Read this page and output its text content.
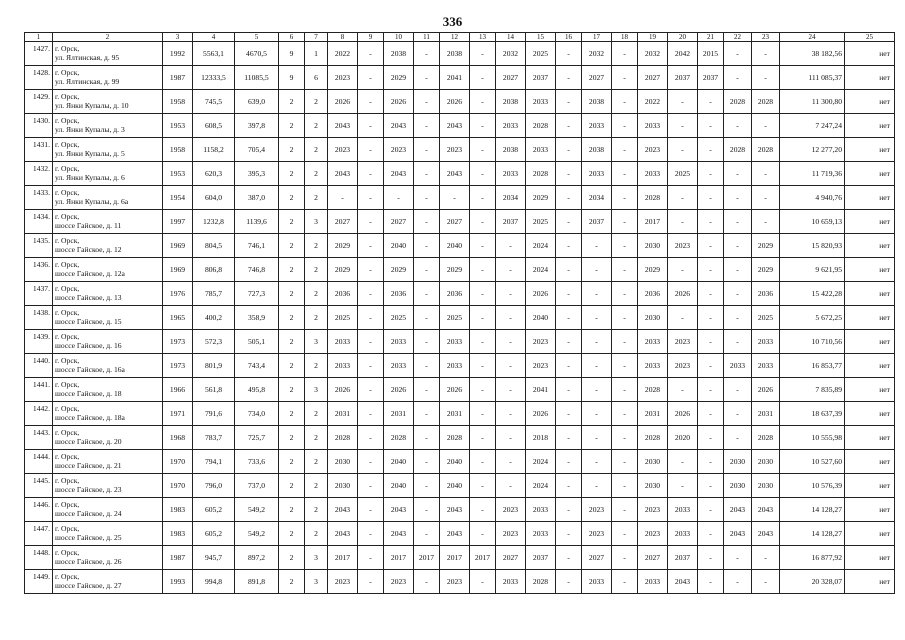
336
1	2	3	4	5	6	7	8	9	10	11	12	13	14	15	16	17	18	19	20	21	22	23	24	25
1427.	г. Орск,
ул. Ялтинская, д. 95	1992	5563,1	4670,5	9	1	2022	-	2038	-	2038	-	2032	2025	-	2032	-	2032	2042	2015	-	-	38 182,56	нет
1428.	г. Орск,
ул. Ялтинская, д. 99	1987	12333,5	11085,5	9	6	2023	-	2029	-	2041	-	2027	2037	-	2027	-	2027	2037	2037	-	-	111 085,37	нет
1429.	г. Орск,
ул. Янки Купалы, д. 10	1958	745,5	639,0	2	2	2026	-	2026	-	2026	-	2038	2033	-	2038	-	2022	-	-	2028	2028	11 300,80	нет
1430.	г. Орск,
ул. Янки Купалы, д. 3	1953	608,5	397,8	2	2	2043	-	2043	-	2043	-	2033	2028	-	2033	-	2033	-	-	-	-	7 247,24	нет
1431.	г. Орск,
ул. Янки Купалы, д. 5	1958	1158,2	705,4	2	2	2023	-	2023	-	2023	-	2038	2033	-	2038	-	2023	-	-	2028	2028	12 277,20	нет
1432.	г. Орск,
ул. Янки Купалы, д. 6	1953	620,3	395,3	2	2	2043	-	2043	-	2043	-	2033	2028	-	2033	-	2033	2025	-	-	-	11 719,36	нет
1433.	г. Орск,
ул. Янки Купалы, д. 6а	1954	604,0	387,0	2	2	-	-	-	-	-	-	2034	2029	-	2034	-	2028	-	-	-	-	4 940,76	нет
1434.	г. Орск,
шоссе Гайское, д. 11	1997	1232,8	1139,6	2	3	2027	-	2027	-	2027	-	2037	2025	-	2037	-	2017	-	-	-	-	10 659,13	нет
1435.	г. Орск,
шоссе Гайское, д. 12	1969	804,5	746,1	2	2	2029	-	2040	-	2040	-	-	2024	-	-	-	2030	2023	-	-	2029	15 820,93	нет
1436.	г. Орск,
шоссе Гайское, д. 12а	1969	806,8	746,8	2	2	2029	-	2029	-	2029	-	-	2024	-	-	-	2029	-	-	-	2029	9 621,95	нет
1437.	г. Орск,
шоссе Гайское, д. 13	1976	785,7	727,3	2	2	2036	-	2036	-	2036	-	-	2026	-	-	-	2036	2026	-	-	2036	15 422,28	нет
1438.	г. Орск,
шоссе Гайское, д. 15	1965	400,2	358,9	2	2	2025	-	2025	-	2025	-	-	2040	-	-	-	2030	-	-	-	2025	5 672,25	нет
1439.	г. Орск,
шоссе Гайское, д. 16	1973	572,3	505,1	2	3	2033	-	2033	-	2033	-	-	2023	-	-	-	2033	2023	-	-	2033	10 710,56	нет
1440.	г. Орск,
шоссе Гайское, д. 16а	1973	801,9	743,4	2	2	2033	-	2033	-	2033	-	-	2023	-	-	-	2033	2023	-	2033	2033	16 853,77	нет
1441.	г. Орск,
шоссе Гайское, д. 18	1966	561,8	495,8	2	3	2026	-	2026	-	2026	-	-	2041	-	-	-	2028	-	-	-	2026	7 835,89	нет
1442.	г. Орск,
шоссе Гайское, д. 18а	1971	791,6	734,0	2	2	2031	-	2031	-	2031	-	-	2026	-	-	-	2031	2026	-	-	2031	18 637,39	нет
1443.	г. Орск,
шоссе Гайское, д. 20	1968	783,7	725,7	2	2	2028	-	2028	-	2028	-	-	2018	-	-	-	2028	2020	-	-	2028	10 555,98	нет
1444.	г. Орск,
шоссе Гайское, д. 21	1970	794,1	733,6	2	2	2030	-	2040	-	2040	-	-	2024	-	-	-	2030	-	-	2030	2030	10 527,60	нет
1445.	г. Орск,
шоссе Гайское, д. 23	1970	796,0	737,0	2	2	2030	-	2040	-	2040	-	-	2024	-	-	-	2030	-	-	2030	2030	10 576,39	нет
1446.	г. Орск,
шоссе Гайское, д. 24	1983	605,2	549,2	2	2	2043	-	2043	-	2043	-	2023	2033	-	2023	-	2023	2033	-	2043	2043	14 128,27	нет
1447.	г. Орск,
шоссе Гайское, д. 25	1983	605,2	549,2	2	2	2043	-	2043	-	2043	-	2023	2033	-	2023	-	2023	2033	-	2043	2043	14 128,27	нет
1448.	г. Орск,
шоссе Гайское, д. 26	1987	945,7	897,2	2	3	2017	-	2017	2017	2017	2017	2027	2037	-	2027	-	2027	2037	-	-	-	16 877,92	нет
1449.	г. Орск,
шоссе Гайское, д. 27	1993	994,8	891,8	2	3	2023	-	2023	-	2023	-	2033	2028	-	2033	-	2033	2043	-	-	-	20 328,07	нет
